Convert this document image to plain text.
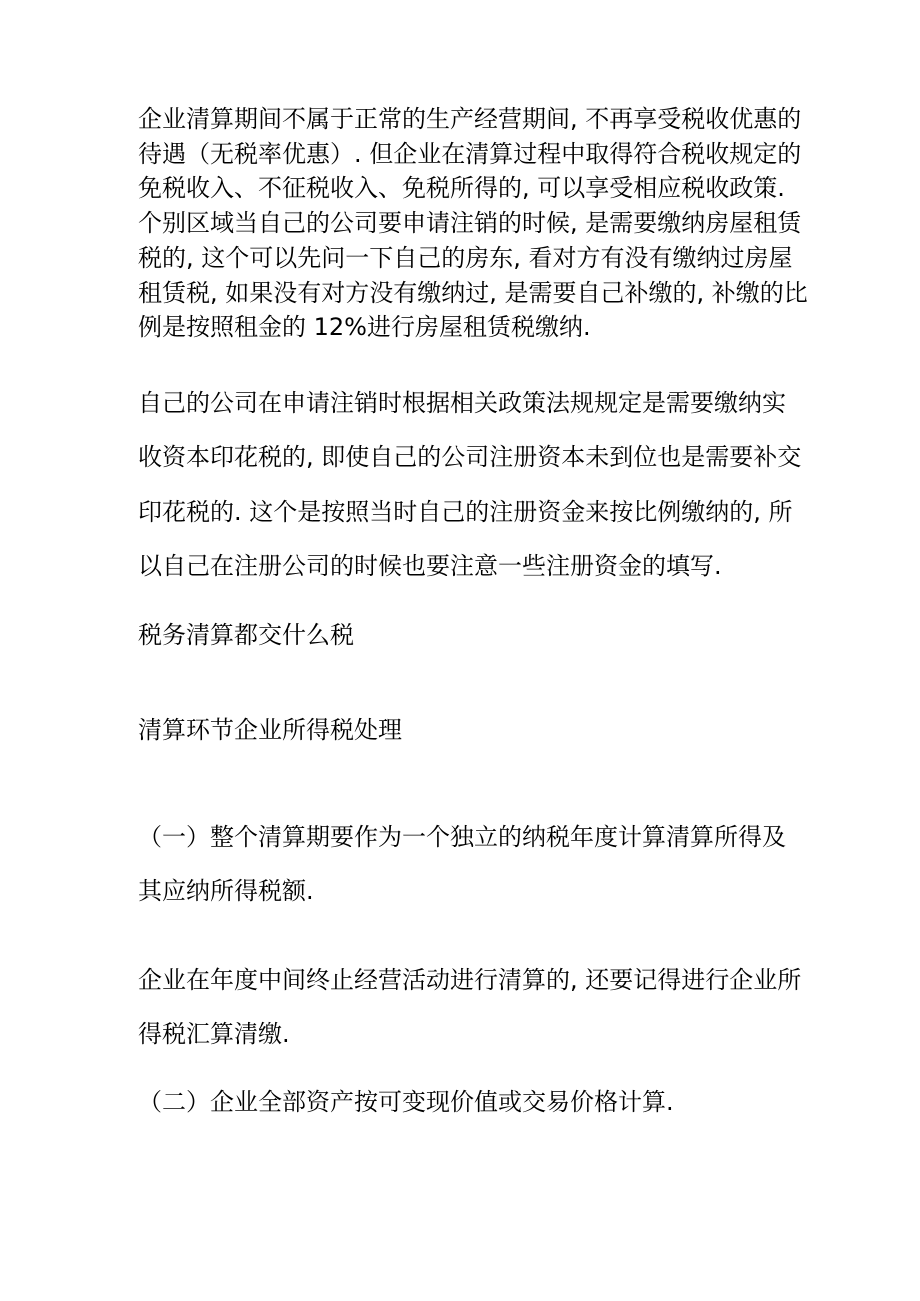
企业清算期间不属于正常的生产经营期间, 不再享受税收优惠的
待遇（无税率优惠）. 但企业在清算过程中取得符合税收规定的
免税收入、不征税收入、免税所得的, 可以享受相应税收政策.
个别区域当自己的公司要申请注销的时候, 是需要缴纳房屋租赁
税的, 这个可以先问一下自己的房东, 看对方有没有缴纳过房屋
租赁税, 如果没有对方没有缴纳过, 是需要自己补缴的, 补缴的比
例是按照租金的 12%进行房屋租赁税缴纳.

自己的公司在申请注销时根据相关政策法规规定是需要缴纳实
收资本印花税的, 即使自己的公司注册资本未到位也是需要补交
印花税的. 这个是按照当时自己的注册资金来按比例缴纳的, 所
以自己在注册公司的时候也要注意一些注册资金的填写.

税务清算都交什么税

清算环节企业所得税处理

（一）整个清算期要作为一个独立的纳税年度计算清算所得及
其应纳所得税额.

企业在年度中间终止经营活动进行清算的, 还要记得进行企业所
得税汇算清缴.

（二）企业全部资产按可变现价值或交易价格计算.
